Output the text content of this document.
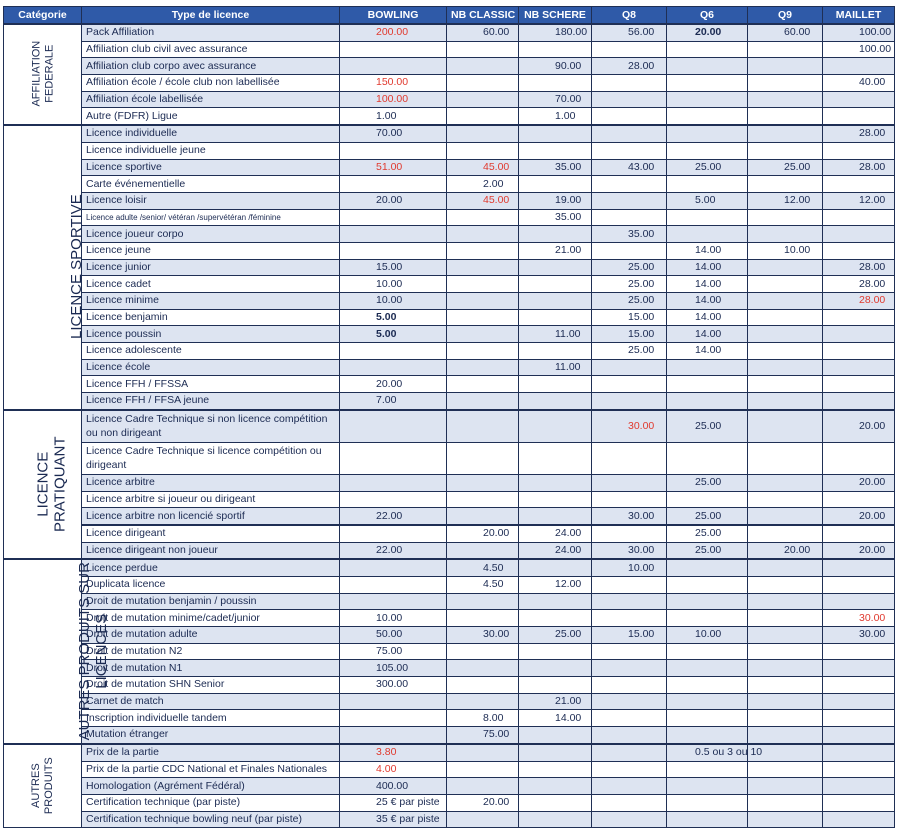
Catégorie	Type de licence	BOWLING	NB CLASSIC	NB SCHERE	Q8	Q6	Q9	MAILLET
AFFILIATION
FEDERALE	Pack Affiliation	200.00	60.00	180.00	56.00	20.00	60.00	100.00
	Affiliation club civil avec assurance							100.00
	Affiliation club corpo avec assurance			90.00	28.00			
	Affiliation école / école club non labellisée	150.00						40.00
	Affiliation école labellisée	100.00		70.00				
	Autre (FDFR) Ligue	1.00		1.00				
LICENCE SPORTIVE	Licence individuelle	70.00						28.00
	Licence individuelle jeune							
	Licence sportive	51.00	45.00	35.00	43.00	25.00	25.00	28.00
	Carte événementielle		2.00					
	Licence loisir	20.00	45.00	19.00		5.00	12.00	12.00
	Licence adulte /senior/ vétéran /supervétéran /féminine			35.00				
	Licence joueur corpo				35.00			
	Licence jeune			21.00		14.00	10.00	
	Licence junior	15.00			25.00	14.00		28.00
	Licence cadet	10.00			25.00	14.00		28.00
	Licence minime	10.00			25.00	14.00		28.00
	Licence benjamin	5.00			15.00	14.00		
	Licence poussin	5.00		11.00	15.00	14.00		
	Licence adolescente				25.00	14.00		
	Licence école			11.00				
	Licence FFH / FFSSA	20.00						
	Licence FFH / FFSA jeune	7.00						
LICENCE
PRATIQUANT	Licence Cadre Technique si non licence compétition ou non dirigeant				30.00	25.00		20.00
	Licence Cadre Technique si licence compétition ou dirigeant							
	Licence arbitre					25.00		20.00
	Licence arbitre si joueur ou dirigeant							
	Licence arbitre non licencié sportif	22.00			30.00	25.00		20.00
	Licence dirigeant		20.00	24.00		25.00		
	Licence dirigeant non joueur	22.00		24.00	30.00	25.00	20.00	20.00
AUTRES PRODUITS SUR
LICENCES	Licence perdue		4.50		10.00			
	Duplicata licence		4.50	12.00				
	Droit de mutation benjamin / poussin							
	Droit de mutation minime/cadet/junior	10.00						30.00
	Droit de mutation adulte	50.00	30.00	25.00	15.00	10.00		30.00
	Droit de mutation N2	75.00						
	Droit de mutation N1	105.00						
	Droit de mutation SHN Senior	300.00						
	Carnet de match			21.00				
	Inscription individuelle tandem		8.00	14.00				
	Mutation étranger		75.00					
AUTRES
PRODUITS	Prix de la partie	3.80				0.5 ou 3 ou 10		
	Prix de la partie CDC National et Finales Nationales	4.00						
	Homologation (Agrément Fédéral)	400.00						
	Certification technique (par piste)	25 € par piste	20.00					
	Certification technique bowling neuf (par piste)	35 € par piste						
